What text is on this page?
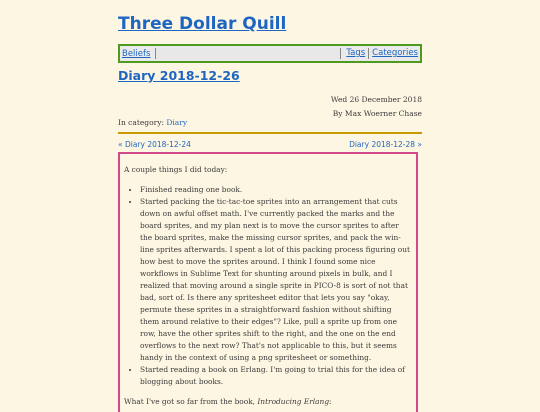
Three Dollar Quill
Beliefs	Tags Categories
Diary 2018-12-26
Wed 26 December 2018
By Max Woerner Chase
In category: Diary
« Diary 2018-12-24	Diary 2018-12-28 »

A couple things I did today:

• Finished reading one book.
• Started packing the tic-tac-toe sprites into an arrangement that cuts down on awful offset math. I've currently packed the marks and the board sprites, and my plan next is to move the cursor sprites to after the board sprites, make the missing cursor sprites, and pack the win-line sprites afterwards. I spent a lot of this packing process figuring out how best to move the sprites around. I think I found some nice workflows in Sublime Text for shunting around pixels in bulk, and I realized that moving around a single sprite in PICO-8 is sort of not that bad, sort of. Is there any spritesheet editor that lets you say "okay, permute these sprites in a straightforward fashion without shifting them around relative to their edges"? Like, pull a sprite up from one row, have the other sprites shift to the right, and the one on the end overflows to the next row? That's not applicable to this, but it seems handy in the context of using a png spritesheet or something.
• Started reading a book on Erlang. I'm going to trial this for the idea of blogging about books.

What I've got so far from the book, Introducing Erlang:
